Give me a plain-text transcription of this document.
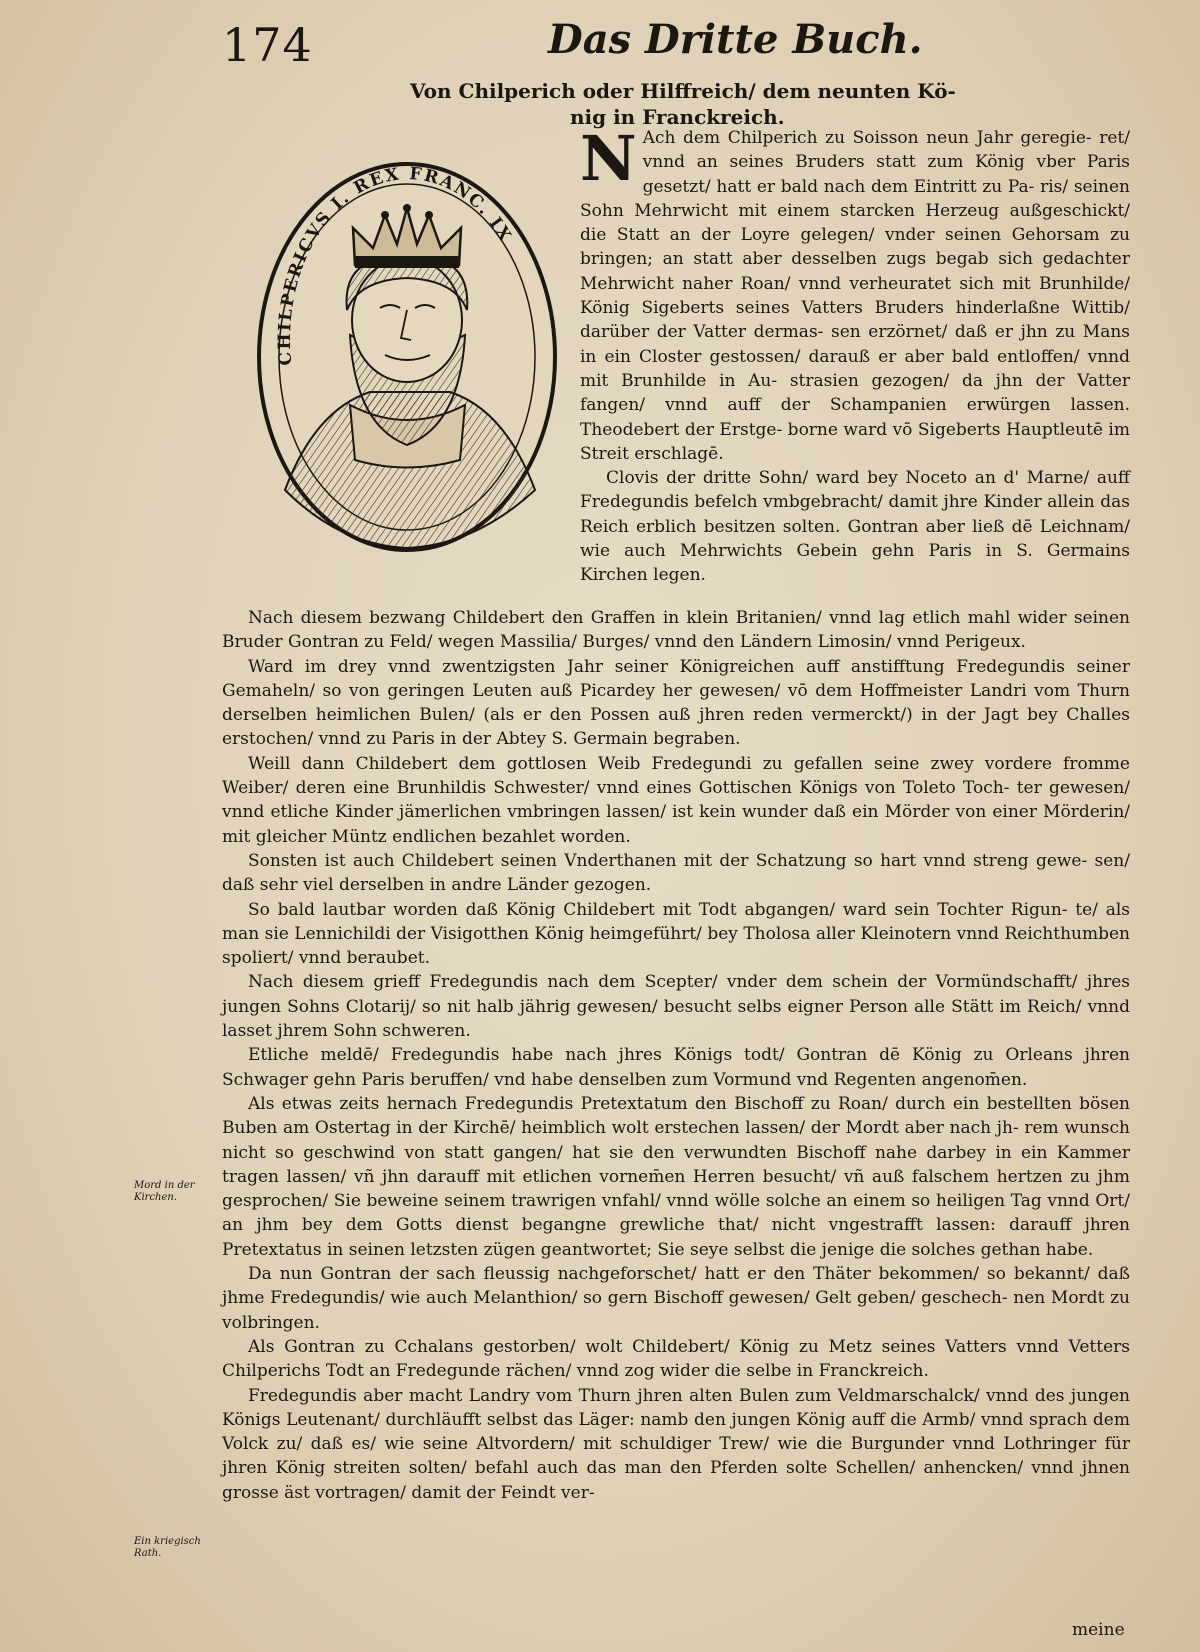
174	Das Dritte Buch.
Von Chilperich oder Hilffreich/ dem neunten Kö-
nig in Franckreich.
CHILPERICVS I. REX FRANC. IX

N Ach dem Chilperich zu Soisson neun Jahr geregie- ret/ vnnd an seines Bruders statt zum König vber Paris gesetzt/ hatt er bald nach dem Eintritt zu Pa- ris/ seinen Sohn Mehrwicht mit einem starcken Herzeug außgeschickt/ die Statt an der Loyre gelegen/ vnder seinen Gehorsam zu bringen; an statt aber desselben zugs begab sich gedachter Mehrwicht naher Roan/ vnnd verheuratet sich mit Brunhilde/ König Sigeberts seines Vatters Bruders hinderlaßne Wittib/ darüber der Vatter dermas- sen erzörnet/ daß er jhn zu Mans in ein Closter gestossen/ darauß er aber bald entloffen/ vnnd mit Brunhilde in Au- strasien gezogen/ da jhn der Vatter fangen/ vnnd auff der Schampanien erwürgen lassen. Theodebert der Erstge- borne ward vō Sigeberts Hauptleutē im Streit erschlagē.

Clovis der dritte Sohn/ ward bey Noceto an d' Marne/ auff Fredegundis befelch vmbgebracht/ damit jhre Kinder allein das Reich erblich besitzen solten. Gontran aber ließ dē Leichnam/ wie auch Mehrwichts Gebein gehn Paris in S. Germains Kirchen legen.

Nach diesem bezwang Childebert den Graffen in klein Britanien/ vnnd lag etlich mahl wider seinen Bruder Gontran zu Feld/ wegen Massilia/ Burges/ vnnd den Ländern Limosin/ vnnd Perigeux.

Ward im drey vnnd zwentzigsten Jahr seiner Königreichen auff anstifftung Fredegundis seiner Gemaheln/ so von geringen Leuten auß Picardey her gewesen/ vō dem Hoffmeister Landri vom Thurn derselben heimlichen Bulen/ (als er den Possen auß jhren reden vermerckt/) in der Jagt bey Challes erstochen/ vnnd zu Paris in der Abtey S. Germain begraben.

Weill dann Childebert dem gottlosen Weib Fredegundi zu gefallen seine zwey vordere fromme Weiber/ deren eine Brunhildis Schwester/ vnnd eines Gottischen Königs von Toleto Toch- ter gewesen/ vnnd etliche Kinder jämerlichen vmbringen lassen/ ist kein wunder daß ein Mörder von einer Mörderin/ mit gleicher Müntz endlichen bezahlet worden.

Sonsten ist auch Childebert seinen Vnderthanen mit der Schatzung so hart vnnd streng gewe- sen/ daß sehr viel derselben in andre Länder gezogen.

So bald lautbar worden daß König Childebert mit Todt abgangen/ ward sein Tochter Rigun- te/ als man sie Lennichildi der Visigotthen König heimgeführt/ bey Tholosa aller Kleinotern vnnd Reichthumben spoliert/ vnnd beraubet.

Nach diesem grieff Fredegundis nach dem Scepter/ vnder dem schein der Vormündschafft/ jhres jungen Sohns Clotarij/ so nit halb jährig gewesen/ besucht selbs eigner Person alle Stätt im Reich/ vnnd lasset jhrem Sohn schweren.

Etliche meldē/ Fredegundis habe nach jhres Königs todt/ Gontran dē König zu Orleans jhren Schwager gehn Paris beruffen/ vnd habe denselben zum Vormund vnd Regenten angenom̄en.

Als etwas zeits hernach Fredegundis Pretextatum den Bischoff zu Roan/ durch ein bestellten bösen Buben am Ostertag in der Kirchē/ heimblich wolt erstechen lassen/ der Mordt aber nach jh- rem wunsch nicht so geschwind von statt gangen/ hat sie den verwundten Bischoff nahe darbey in ein Kammer tragen lassen/ vñ jhn darauff mit etlichen vornem̄en Herren besucht/ vñ auß falschem hertzen zu jhm gesprochen/ Sie beweine seinem trawrigen vnfahl/ vnnd wölle solche an einem so heiligen Tag vnnd Ort/ an jhm bey dem Gotts dienst begangne grewliche that/ nicht vngestrafft lassen: darauff jhren Pretextatus in seinen letzsten zügen geantwortet; Sie seye selbst die jenige die solches gethan habe.

Da nun Gontran der sach fleussig nachgeforschet/ hatt er den Thäter bekommen/ so bekannt/ daß jhme Fredegundis/ wie auch Melanthion/ so gern Bischoff gewesen/ Gelt geben/ geschech- nen Mordt zu volbringen.

Als Gontran zu Cchalans gestorben/ wolt Childebert/ König zu Metz seines Vatters vnnd Vetters Chilperichs Todt an Fredegunde rächen/ vnnd zog wider die selbe in Franckreich.

Fredegundis aber macht Landry vom Thurn jhren alten Bulen zum Veldmarschalck/ vnnd des jungen Königs Leutenant/ durchläufft selbst das Läger: namb den jungen König auff die Armb/ vnnd sprach dem Volck zu/ daß es/ wie seine Altvordern/ mit schuldiger Trew/ wie die Burgunder vnnd Lothringer für jhren König streiten solten/ befahl auch das man den Pferden solte Schellen/ anhencken/ vnnd jhnen grosse äst vortragen/ damit der Feindt ver-

Mord in der Kirchen.
Ein kriegisch Rath.
meine
